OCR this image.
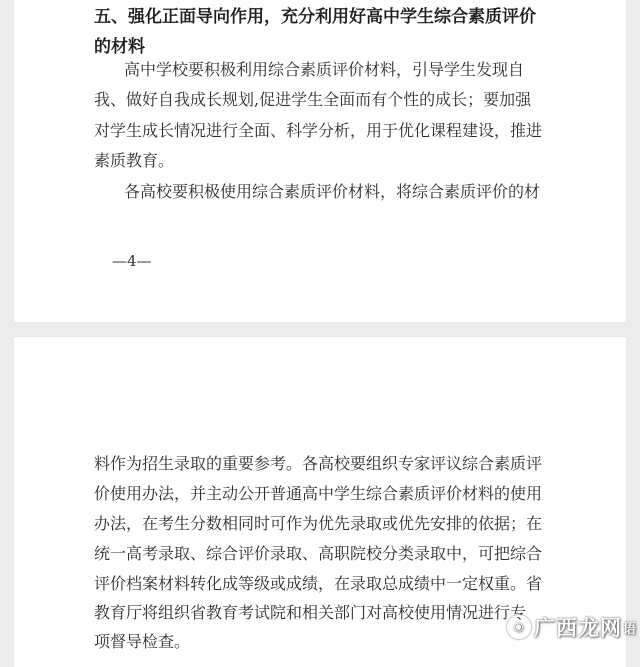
五、强化正面导向作用，充分利用好高中学生综合素质评价
的材料
高中学校要积极利用综合素质评价材料，引导学生发现自
我、做好自我成长规划,促进学生全面而有个性的成长；要加强
对学生成长情况进行全面、科学分析，用于优化课程建设，推进
素质教育。
各高校要积极使用综合素质评价材料，将综合素质评价的材
—4—
料作为招生录取的重要参考。各高校要组织专家评议综合素质评
价使用办法，并主动公开普通高中学生综合素质评价材料的使用
办法，在考生分数相同时可作为优先录取或优先安排的依据；在
统一高考录取、综合评价录取、高职院校分类录取中，可把综合
评价档案材料转化成等级或成绩，在录取总成绩中一定权重。省
教育厅将组织省教育考试院和相关部门对高校使用情况进行专
项督导检查。
◉ 广西龙网 语
